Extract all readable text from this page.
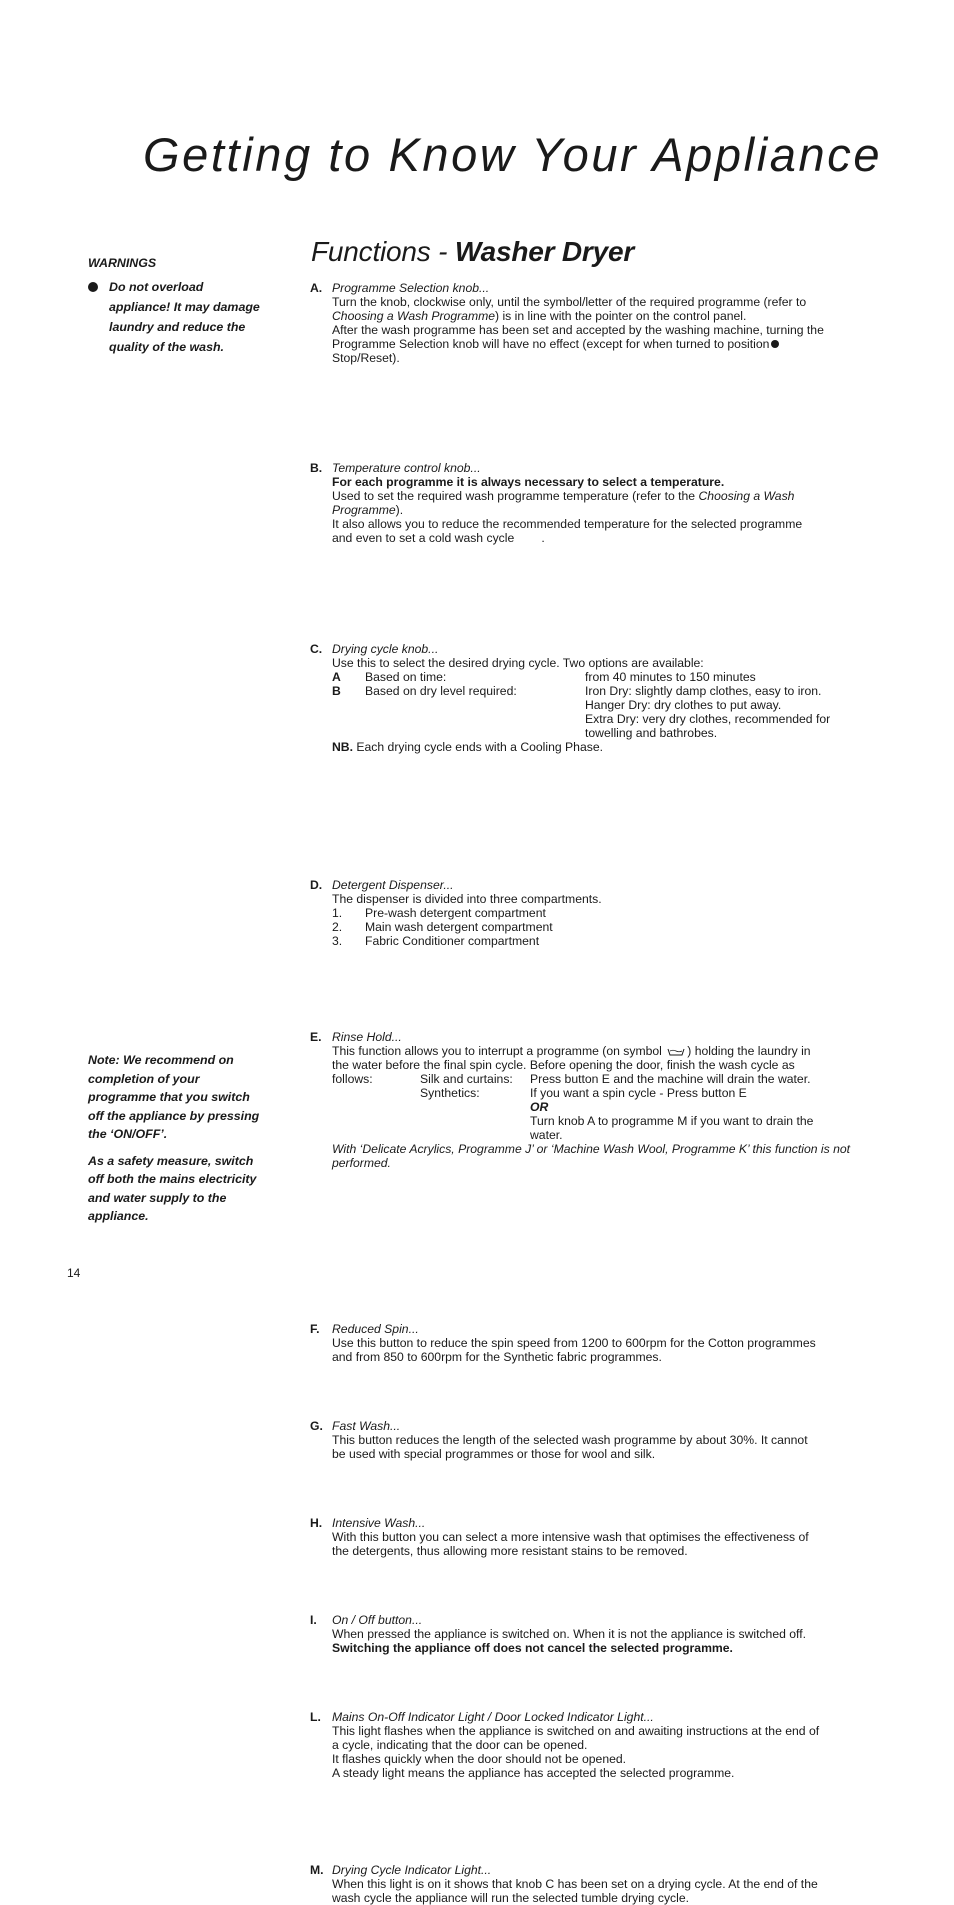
Getting to Know Your Appliance
WARNINGS
Do not overload appliance! It may damage laundry and reduce the quality of the wash.

Note: We recommend on completion of your programme that you switch off the appliance by pressing the ‘ON/OFF’.

As a safety measure, switch off both the mains electricity and water supply to the appliance.

Functions - Washer Dryer
A. Programme Selection knob...
Turn the knob, clockwise only, until the symbol/letter of the required programme (refer to
Choosing a Wash Programme) is in line with the pointer on the control panel.
After the wash programme has been set and accepted by the washing machine, turning the
Programme Selection knob will have no effect (except for when turned to position
Stop/Reset).
B. Temperature control knob...
For each programme it is always necessary to select a temperature.
Used to set the required wash programme temperature (refer to the Choosing a Wash
Programme).
It also allows you to reduce the recommended temperature for the selected programme
and even to set a cold wash cycle        .
C. Drying cycle knob...
Use this to select the desired drying cycle. Two options are available:
A Based on time:	from 40 minutes to 150 minutes
B Based on dry level required:	Iron Dry: slightly damp clothes, easy to iron.
Hanger Dry: dry clothes to put away.
Extra Dry: very dry clothes, recommended for
towelling and bathrobes.
NB. Each drying cycle ends with a Cooling Phase.
D. Detergent Dispenser...
The dispenser is divided into three compartments.
1. Pre-wash detergent compartment
2. Main wash detergent compartment
3. Fabric Conditioner compartment
E. Rinse Hold...
This function allows you to interrupt a programme (on symbol ) holding the laundry in
the water before the final spin cycle. Before opening the door, finish the wash cycle as
follows:	Silk and curtains: Press button E and the machine will drain the water.
Synthetics:	If you want a spin cycle - Press button E
OR
Turn knob A to programme M if you want to drain the
water.
With ‘Delicate Acrylics, Programme J’ or ‘Machine Wash Wool, Programme K’ this function is not
performed.
F. Reduced Spin...
Use this button to reduce the spin speed from 1200 to 600rpm for the Cotton programmes
and from 850 to 600rpm for the Synthetic fabric programmes.
G. Fast Wash...
This button reduces the length of the selected wash programme by about 30%. It cannot
be used with special programmes or those for wool and silk.
H. Intensive Wash...
With this button you can select a more intensive wash that optimises the effectiveness of
the detergents, thus allowing more resistant stains to be removed.
I. On / Off button...
When pressed the appliance is switched on. When it is not the appliance is switched off.
Switching the appliance off does not cancel the selected programme.
L. Mains On-Off Indicator Light / Door Locked Indicator Light...
This light flashes when the appliance is switched on and awaiting instructions at the end of
a cycle, indicating that the door can be opened.
It flashes quickly when the door should not be opened.
A steady light means the appliance has accepted the selected programme.
M. Drying Cycle Indicator Light...
When this light is on it shows that knob C has been set on a drying cycle. At the end of the
wash cycle the appliance will run the selected tumble drying cycle.
14
